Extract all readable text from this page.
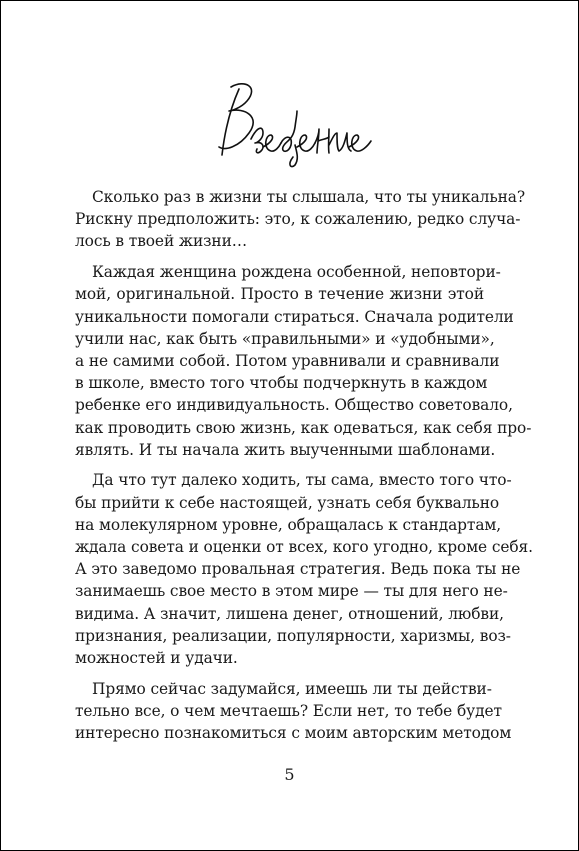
Сколько раз в жизни ты слышала, что ты уникальна?
Рискну предположить: это, к сожалению, редко случа-
лось в твоей жизни…
Каждая женщина рождена особенной, неповтори-
мой, оригинальной. Просто в течение жизни этой
уникальности помогали стираться. Сначала родители
учили нас, как быть «правильными» и «удобными»,
а не самими собой. Потом уравнивали и сравнивали
в школе, вместо того чтобы подчеркнуть в каждом
ребенке его индивидуальность. Общество советовало,
как проводить свою жизнь, как одеваться, как себя про-
являть. И ты начала жить выученными шаблонами.
Да что тут далеко ходить, ты сама, вместо того что-
бы прийти к себе настоящей, узнать себя буквально
на молекулярном уровне, обращалась к стандартам,
ждала совета и оценки от всех, кого угодно, кроме себя.
А это заведомо провальная стратегия. Ведь пока ты не
занимаешь свое место в этом мире — ты для него не-
видима. А значит, лишена денег, отношений, любви,
признания, реализации, популярности, харизмы, воз-
можностей и удачи.
Прямо сейчас задумайся, имеешь ли ты действи-
тельно все, о чем мечтаешь? Если нет, то тебе будет
интересно познакомиться с моим авторским методом
5
